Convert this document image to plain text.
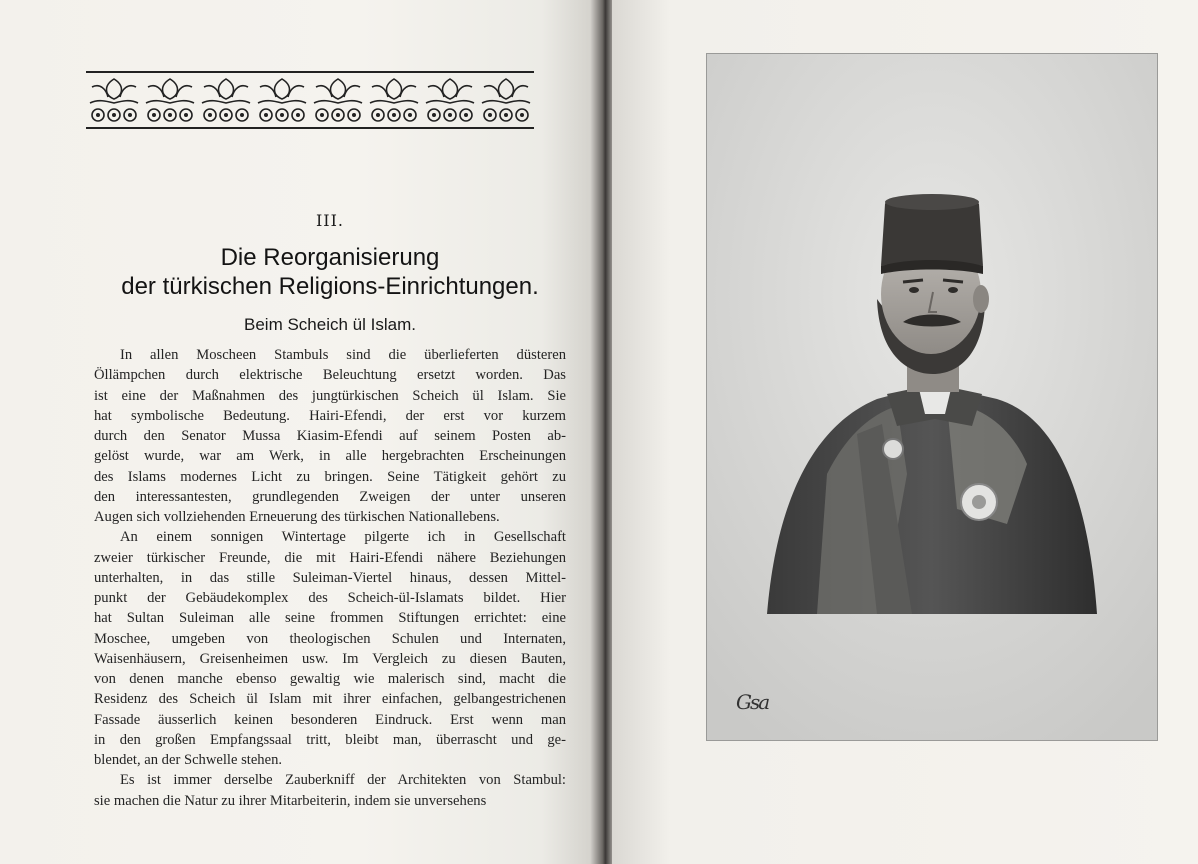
III.
Die Reorganisierung
der türkischen Religions-Einrichtungen.
Beim Scheich ül Islam.
In allen Moscheen Stambuls sind die überlieferten düsteren
Öllämpchen durch elektrische Beleuchtung ersetzt worden. Das
ist eine der Maßnahmen des jungtürkischen Scheich ül Islam. Sie
hat symbolische Bedeutung. Hairi-Efendi, der erst vor kurzem
durch den Senator Mussa Kiasim-Efendi auf seinem Posten ab-
gelöst wurde, war am Werk, in alle hergebrachten Erscheinungen
des Islams modernes Licht zu bringen. Seine Tätigkeit gehört zu
den interessantesten, grundlegenden Zweigen der unter unseren
Augen sich vollziehenden Erneuerung des türkischen Nationallebens.
An einem sonnigen Wintertage pilgerte ich in Gesellschaft
zweier türkischer Freunde, die mit Hairi-Efendi nähere Beziehungen
unterhalten, in das stille Suleiman-Viertel hinaus, dessen Mittel-
punkt der Gebäudekomplex des Scheich-ül-Islamats bildet. Hier
hat Sultan Suleiman alle seine frommen Stiftungen errichtet: eine
Moschee, umgeben von theologischen Schulen und Internaten,
Waisenhäusern, Greisenheimen usw. Im Vergleich zu diesen Bauten,
von denen manche ebenso gewaltig wie malerisch sind, macht die
Residenz des Scheich ül Islam mit ihrer einfachen, gelbangestrichenen
Fassade äusserlich keinen besonderen Eindruck. Erst wenn man
in den großen Empfangssaal tritt, bleibt man, überrascht und ge-
blendet, an der Schwelle stehen.
Es ist immer derselbe Zauberkniff der Architekten von Stambul:
sie machen die Natur zu ihrer Mitarbeiterin, indem sie unversehens
Gsa
